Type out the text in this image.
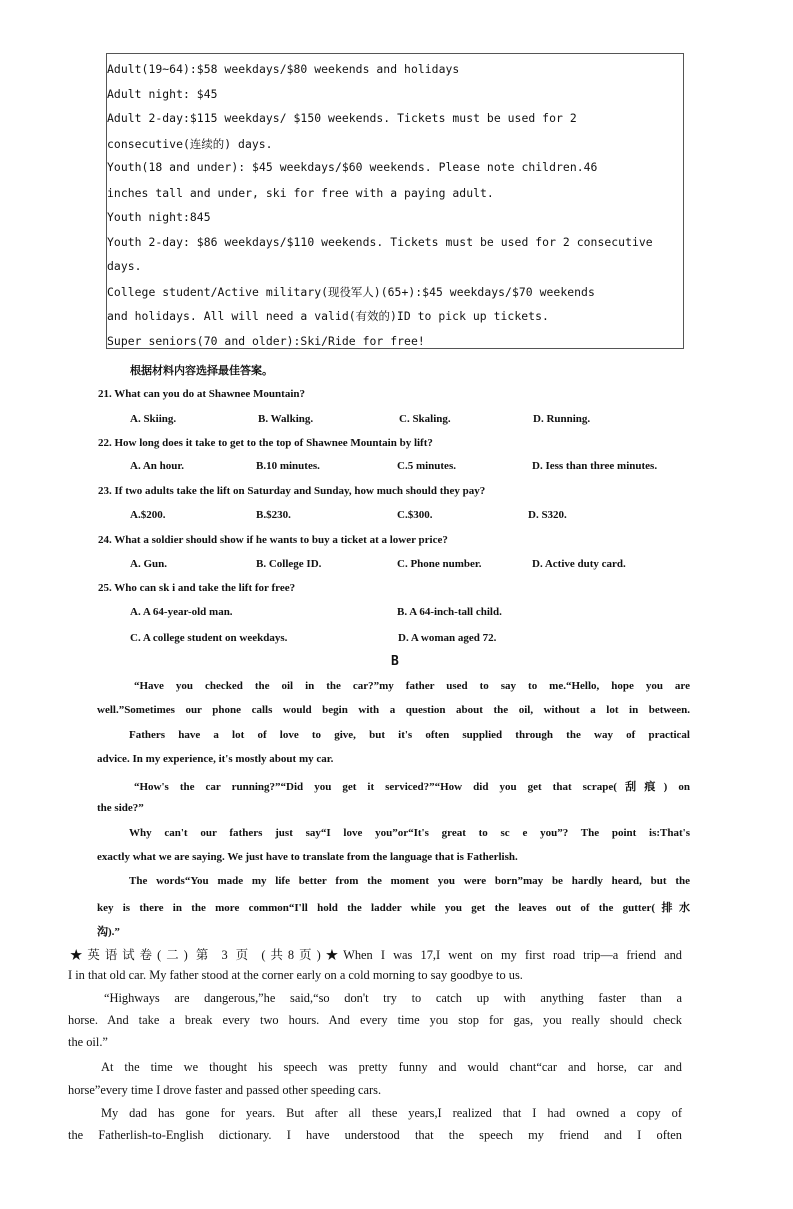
Adult(19~64):$58 weekdays/$80 weekends and holidays
Adult night: $45
Adult 2-day:$115 weekdays/ $150 weekends. Tickets must be used for 2
consecutive(连续的) days.
Youth(18 and under): $45 weekdays/$60 weekends. Please note children.46
inches tall and under, ski for free with a paying adult.
Youth night:845
Youth 2-day: $86 weekdays/$110 weekends. Tickets must be used for 2 consecutive
days.
College student/Active military(现役军人)(65+):$45 weekdays/$70 weekends
and holidays. All will need a valid(有效的)ID to pick up tickets.
Super seniors(70 and older):Ski/Ride for free!
根据材料内容选择最佳答案。
21. What can you do at Shawnee Mountain?
A. Skiing.	B. Walking.	C. Skaling.	D. Running.
22. How long does it take to get to the top of Shawnee Mountain by lift?
A. An hour.	B.10 minutes.	C.5 minutes.	D. Iess than three minutes.
23. If two adults take the lift on Saturday and Sunday, how much should they pay?
A.$200.	B.$230.	C.$300.	D. S320.
24. What a soldier should show if he wants to buy a ticket at a lower price?
A. Gun.	B. College ID.	C. Phone number.	D. Active duty card.
25. Who can sk i and take the lift for free?
A. A 64-year-old man.	B. A 64-inch-tall child.
C. A college student on weekdays.	D. A woman aged 72.
B
“Have you checked the oil in the car?”my father used to say to me.“Hello, hope you are
well.”Sometimes our phone calls would begin with a question about the oil, without a lot in between.
Fathers have a lot of love to give, but it's often supplied through the way of practical
advice. In my experience, it's mostly about my car.
“How's the car running?”“Did you get it serviced?”“How did you get that scrape(刮痕) on
the side?”
Why can't our fathers just say“I love you”or“It's great to sc e you”? The point is:That's
exactly what we are saying. We just have to translate from the language that is Fatherlish.
The words“You made my life better from the moment you were born”may be hardly heard, but the
key is there in the more common“I'll hold the ladder while you get the leaves out of the gutter(排水
沟).”
★英语试卷(二) 第 3 页 (共8页)★When I was 17,I went on my first road trip—a friend and
I in that old car. My father stood at the corner early on a cold morning to say goodbye to us.
“Highways are dangerous,”he said,“so don't try to catch up with anything faster than a
horse. And take a break every two hours. And every time you stop for gas, you really should check
the oil.”
At the time we thought his speech was pretty funny and would chant“car and horse, car and
horse”every time I drove faster and passed other speeding cars.
My dad has gone for years. But after all these years,I realized that I had owned a copy of
the Fatherlish-to-English dictionary. I have understood that the speech my friend and I often
